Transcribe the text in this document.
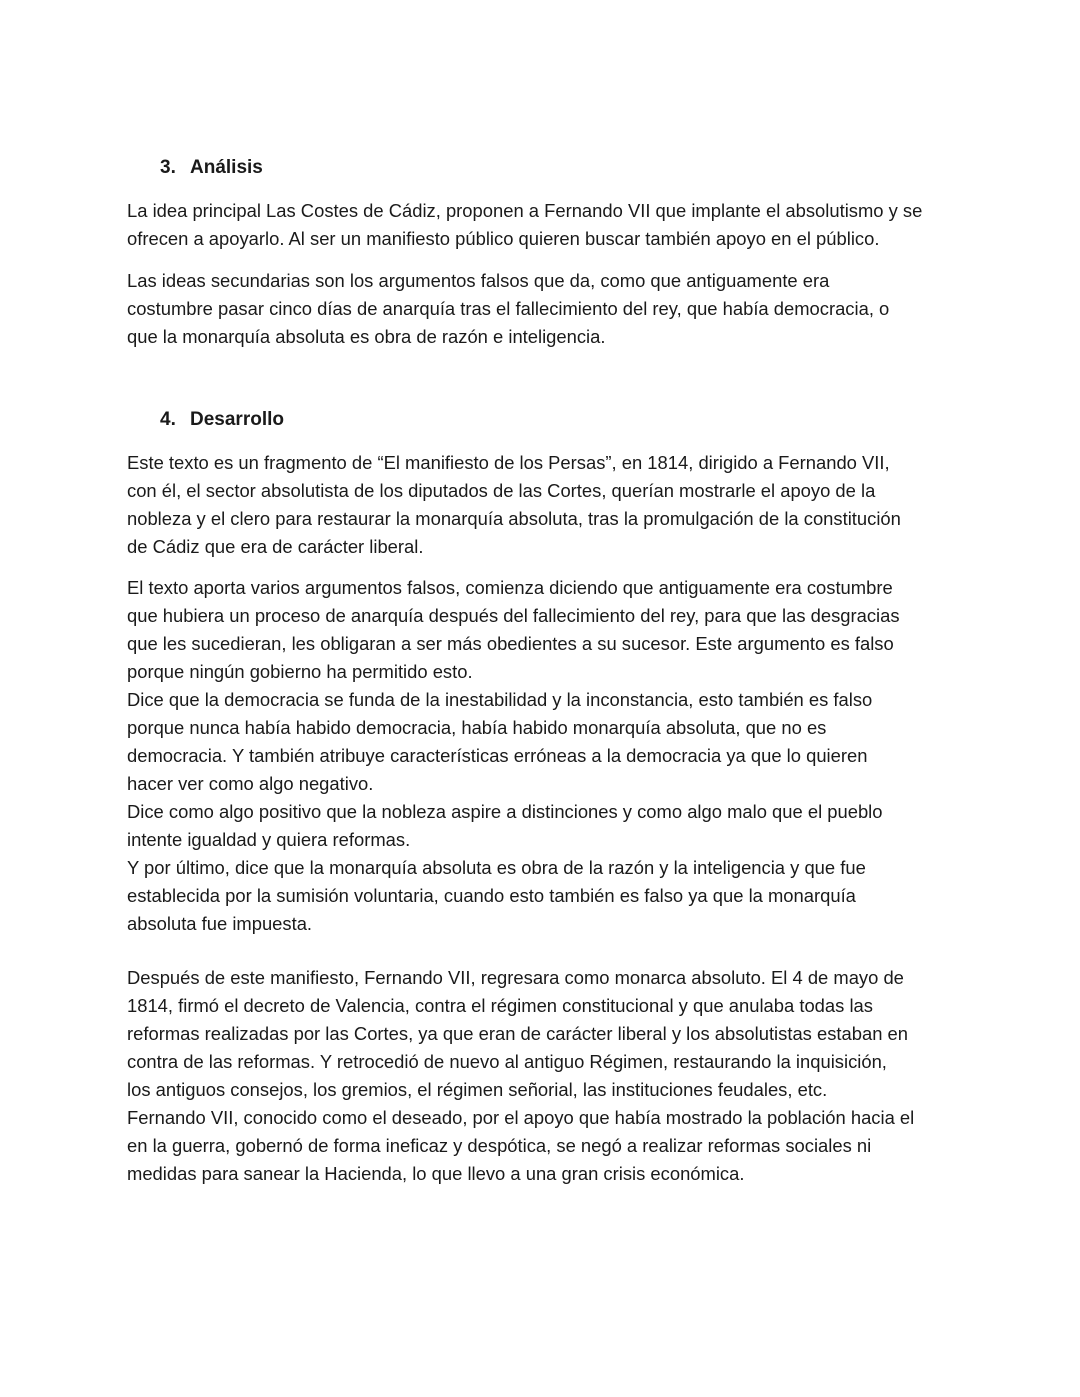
3. Análisis

La idea principal Las Costes de Cádiz, proponen a Fernando VII que implante el absolutismo y se
ofrecen a apoyarlo. Al ser un manifiesto público quieren buscar también apoyo en el público.

Las ideas secundarias son los argumentos falsos que da, como que antiguamente era
costumbre pasar cinco días de anarquía tras el fallecimiento del rey, que había democracia, o
que la monarquía absoluta es obra de razón e inteligencia.

4. Desarrollo

Este texto es un fragmento de “El manifiesto de los Persas”, en 1814, dirigido a Fernando VII,
con él, el sector absolutista de los diputados de las Cortes, querían mostrarle el apoyo de la
nobleza y el clero para restaurar la monarquía absoluta, tras la promulgación de la constitución
de Cádiz que era de carácter liberal.

El texto aporta varios argumentos falsos, comienza diciendo que antiguamente era costumbre
que hubiera un proceso de anarquía después del fallecimiento del rey, para que las desgracias
que les sucedieran, les obligaran a ser más obedientes a su sucesor. Este argumento es falso
porque ningún gobierno ha permitido esto.
Dice que la democracia se funda de la inestabilidad y la inconstancia, esto también es falso
porque nunca había habido democracia, había habido monarquía absoluta, que no es
democracia. Y también atribuye características erróneas a la democracia ya que lo quieren
hacer ver como algo negativo.
Dice como algo positivo que la nobleza aspire a distinciones y como algo malo que el pueblo
intente igualdad y quiera reformas.
Y por último, dice que la monarquía absoluta es obra de la razón y la inteligencia y que fue
establecida por la sumisión voluntaria, cuando esto también es falso ya que la monarquía
absoluta fue impuesta.

Después de este manifiesto, Fernando VII, regresara como monarca absoluto. El 4 de mayo de
1814, firmó el decreto de Valencia, contra el régimen constitucional y que anulaba todas las
reformas realizadas por las Cortes, ya que eran de carácter liberal y los absolutistas estaban en
contra de las reformas. Y retrocedió de nuevo al antiguo Régimen, restaurando la inquisición,
los antiguos consejos, los gremios, el régimen señorial, las instituciones feudales, etc.
Fernando VII, conocido como el deseado, por el apoyo que había mostrado la población hacia el
en la guerra, gobernó de forma ineficaz y despótica, se negó a realizar reformas sociales ni
medidas para sanear la Hacienda, lo que llevo a una gran crisis económica.
